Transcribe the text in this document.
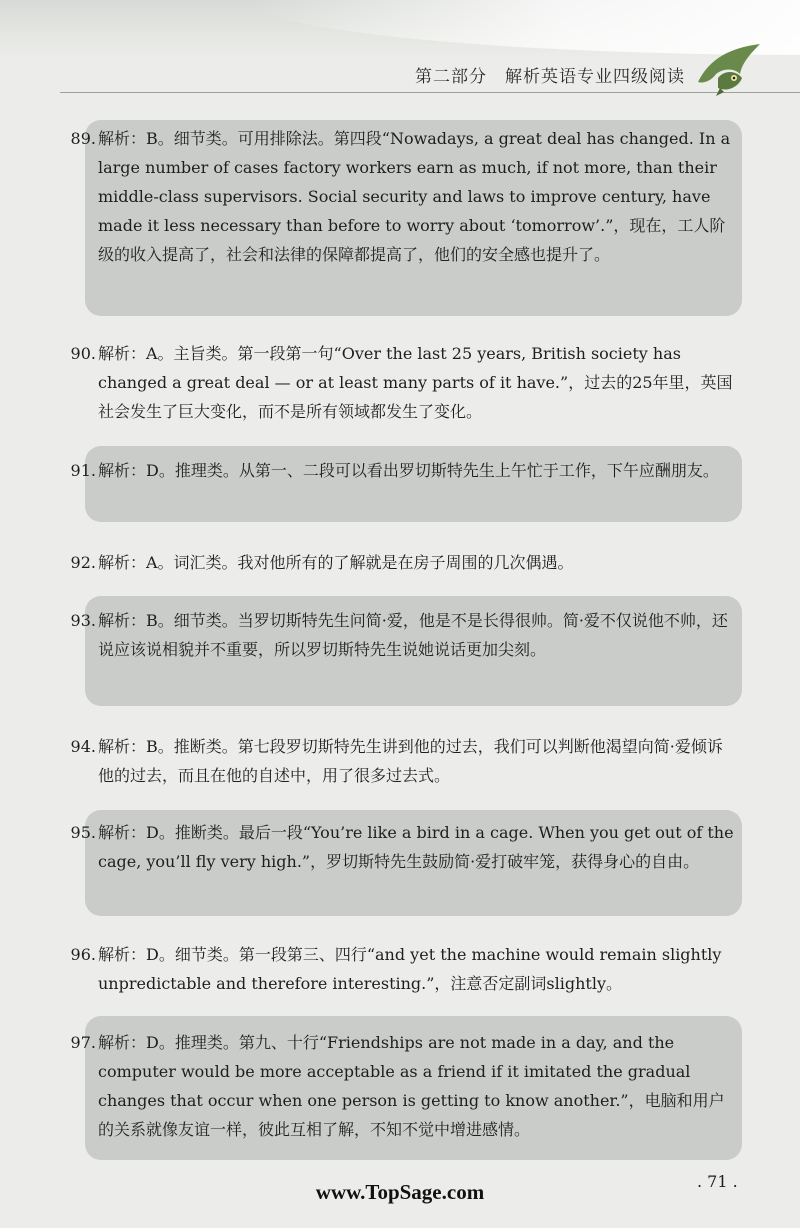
第二部分　解析英语专业四级阅读
89. 解析：B。细节类。可用排除法。第四段“Nowadays, a great deal has changed. In a large number of cases factory workers earn as much, if not more, than their middle-class supervisors. Social security and laws to improve century, have made it less necessary than before to worry about ‘tomorrow’.”，现在，工人阶级的收入提高了，社会和法律的保障都提高了，他们的安全感也提升了。
90. 解析：A。主旨类。第一段第一句“Over the last 25 years, British society has changed a great deal — or at least many parts of it have.”，过去的25年里，英国社会发生了巨大变化，而不是所有领域都发生了变化。
91. 解析：D。推理类。从第一、二段可以看出罗切斯特先生上午忙于工作，下午应酬朋友。
92. 解析：A。词汇类。我对他所有的了解就是在房子周围的几次偶遇。
93. 解析：B。细节类。当罗切斯特先生问简·爱，他是不是长得很帅。简·爱不仅说他不帅，还说应该说相貌并不重要，所以罗切斯特先生说她说话更加尖刻。
94. 解析：B。推断类。第七段罗切斯特先生讲到他的过去，我们可以判断他渴望向简·爱倾诉他的过去，而且在他的自述中，用了很多过去式。
95. 解析：D。推断类。最后一段“You’re like a bird in a cage. When you get out of the cage, you’ll fly very high.”，罗切斯特先生鼓励简·爱打破牢笼，获得身心的自由。
96. 解析：D。细节类。第一段第三、四行“and yet the machine would remain slightly unpredictable and therefore interesting.”，注意否定副词slightly。
97. 解析：D。推理类。第九、十行“Friendships are not made in a day, and the computer would be more acceptable as a friend if it imitated the gradual changes that occur when one person is getting to know another.”，电脑和用户的关系就像友谊一样，彼此互相了解，不知不觉中增进感情。
. 71 .
www.TopSage.com
